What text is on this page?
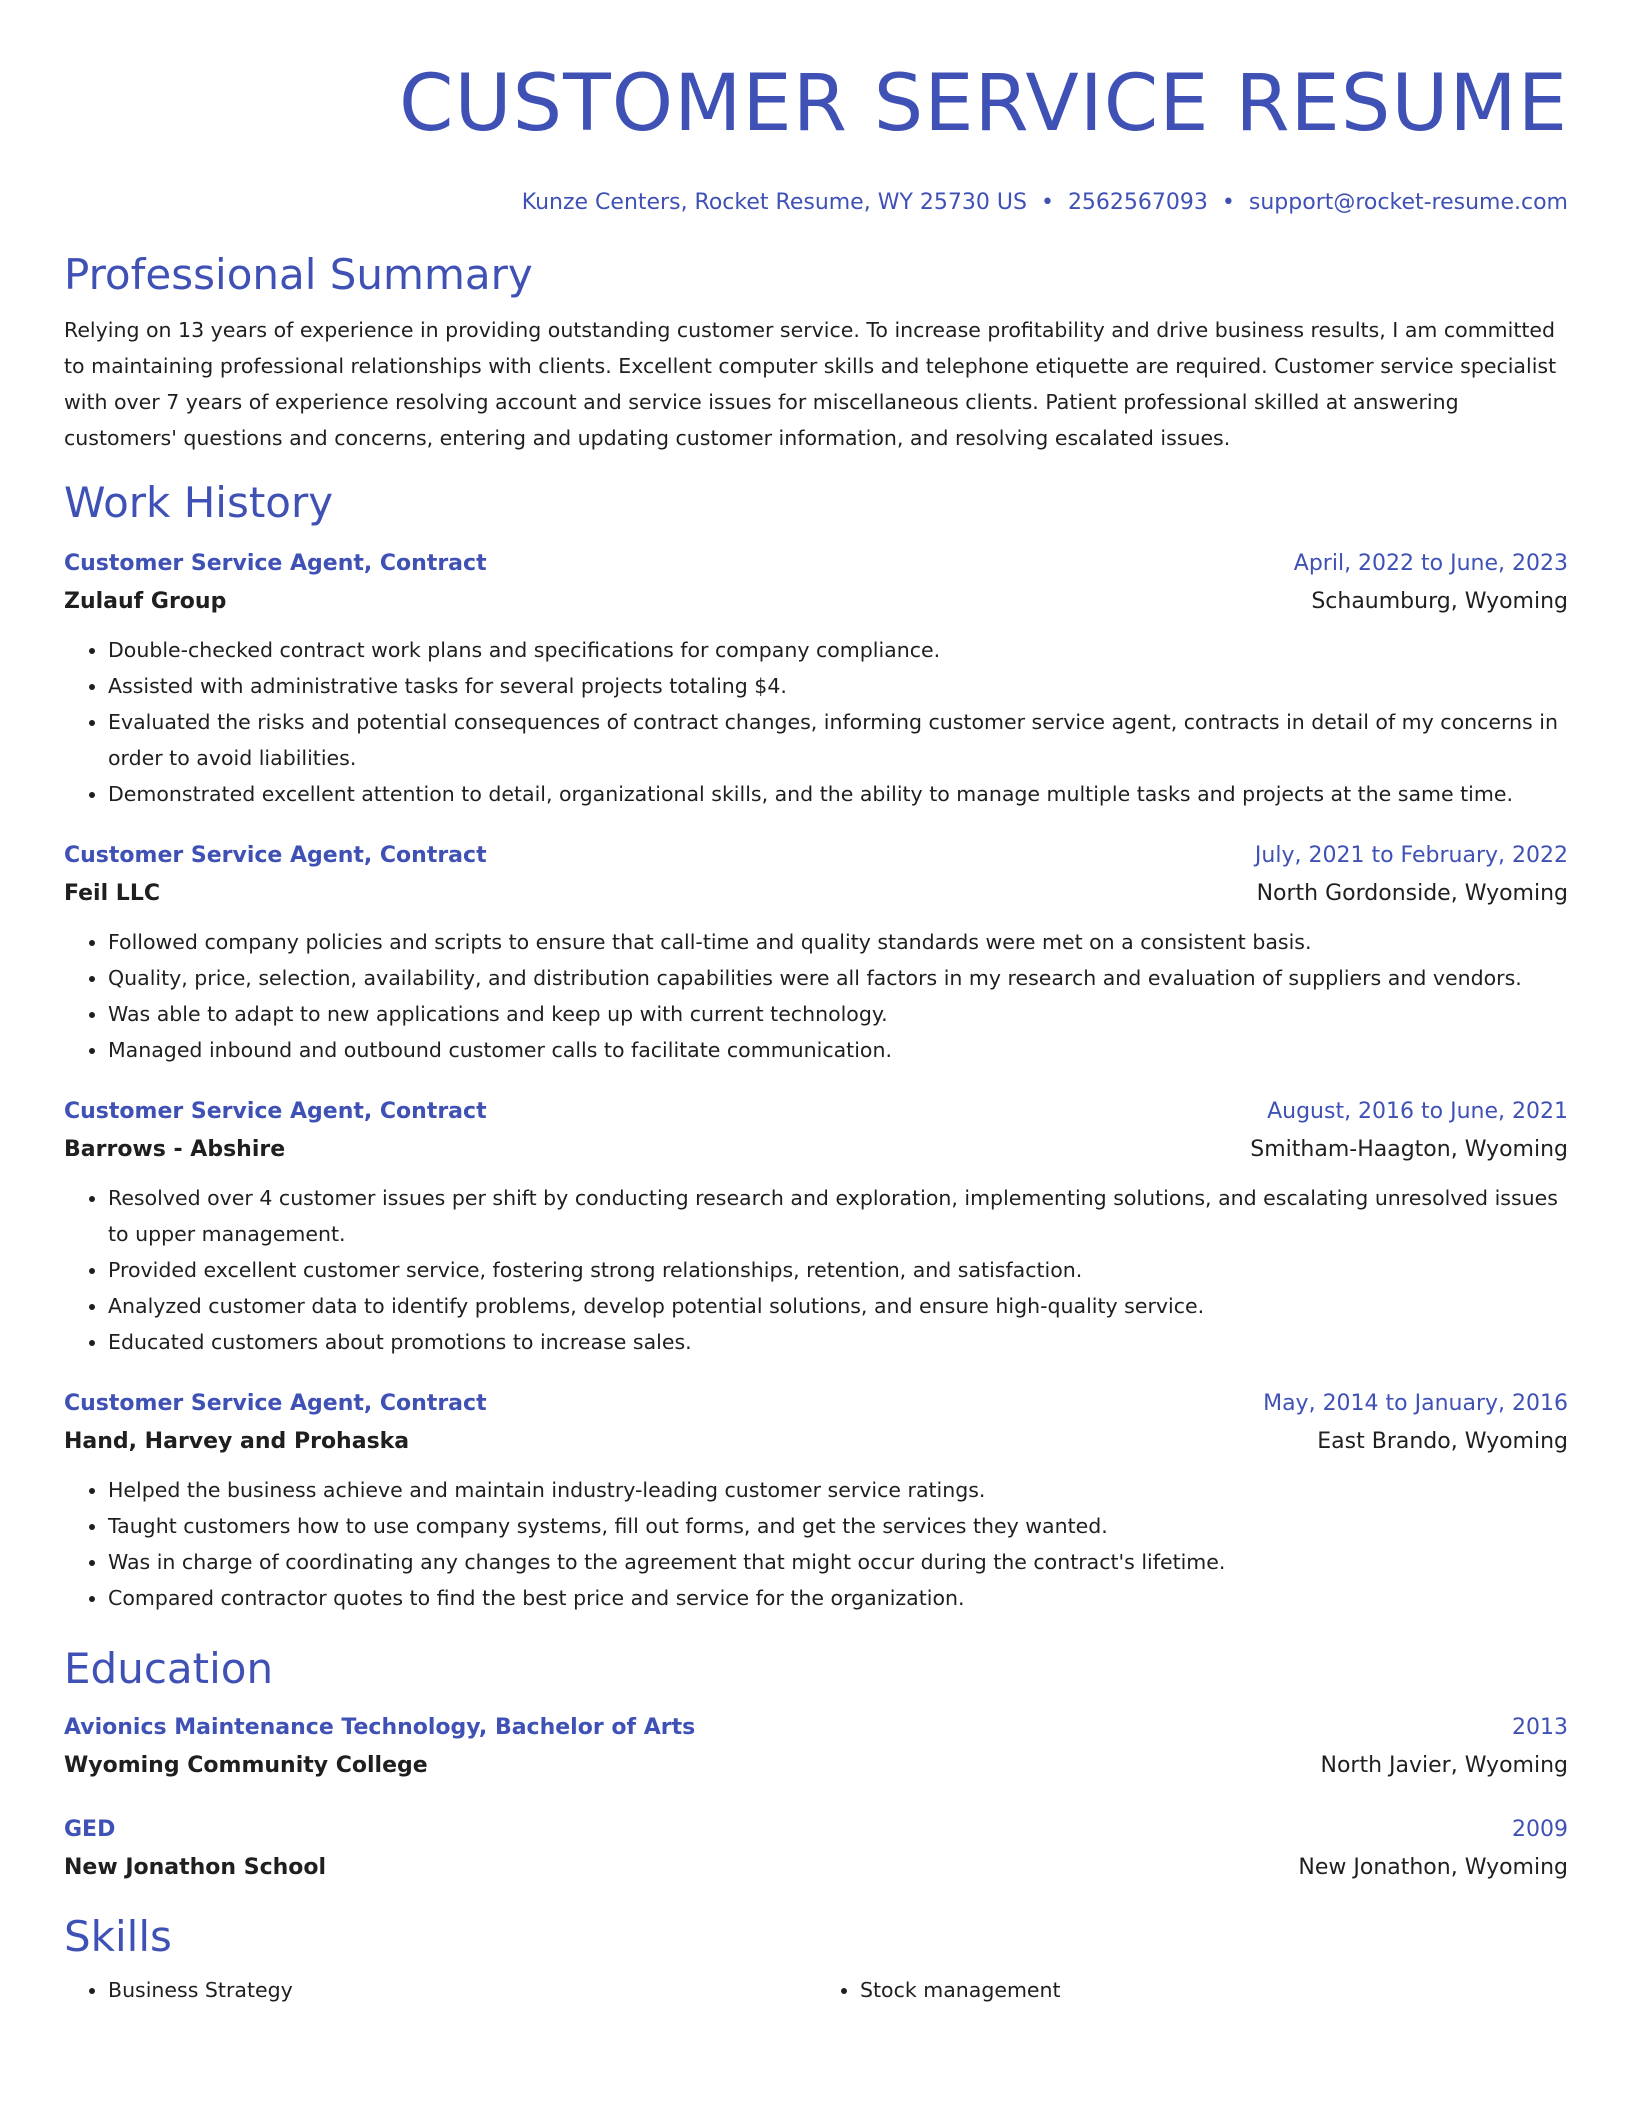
CUSTOMER SERVICE RESUME
Kunze Centers, Rocket Resume, WY 25730 US • 2562567093 • support@rocket-resume.com
Professional Summary
Relying on 13 years of experience in providing outstanding customer service. To increase profitability and drive business results, I am committed to maintaining professional relationships with clients. Excellent computer skills and telephone etiquette are required. Customer service specialist with over 7 years of experience resolving account and service issues for miscellaneous clients. Patient professional skilled at answering customers' questions and concerns, entering and updating customer information, and resolving escalated issues.
Work History
Customer Service Agent, Contract	April, 2022 to June, 2023
Zulauf Group	Schaumburg, Wyoming
• Double-checked contract work plans and specifications for company compliance.
• Assisted with administrative tasks for several projects totaling $4.
• Evaluated the risks and potential consequences of contract changes, informing customer service agent, contracts in detail of my concerns in order to avoid liabilities.
• Demonstrated excellent attention to detail, organizational skills, and the ability to manage multiple tasks and projects at the same time.
Customer Service Agent, Contract	July, 2021 to February, 2022
Feil LLC	North Gordonside, Wyoming
• Followed company policies and scripts to ensure that call-time and quality standards were met on a consistent basis.
• Quality, price, selection, availability, and distribution capabilities were all factors in my research and evaluation of suppliers and vendors.
• Was able to adapt to new applications and keep up with current technology.
• Managed inbound and outbound customer calls to facilitate communication.
Customer Service Agent, Contract	August, 2016 to June, 2021
Barrows - Abshire	Smitham-Haagton, Wyoming
• Resolved over 4 customer issues per shift by conducting research and exploration, implementing solutions, and escalating unresolved issues to upper management.
• Provided excellent customer service, fostering strong relationships, retention, and satisfaction.
• Analyzed customer data to identify problems, develop potential solutions, and ensure high-quality service.
• Educated customers about promotions to increase sales.
Customer Service Agent, Contract	May, 2014 to January, 2016
Hand, Harvey and Prohaska	East Brando, Wyoming
• Helped the business achieve and maintain industry-leading customer service ratings.
• Taught customers how to use company systems, fill out forms, and get the services they wanted.
• Was in charge of coordinating any changes to the agreement that might occur during the contract's lifetime.
• Compared contractor quotes to find the best price and service for the organization.
Education
Avionics Maintenance Technology, Bachelor of Arts	2013
Wyoming Community College	North Javier, Wyoming
GED	2009
New Jonathon School	New Jonathon, Wyoming
Skills
• Business Strategy
•	Stock management
